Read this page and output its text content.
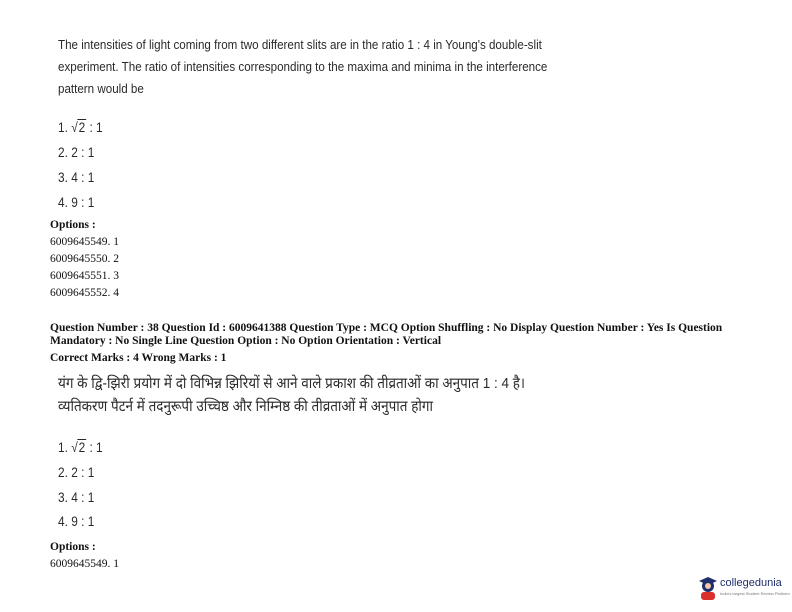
The intensities of light coming from two different slits are in the ratio 1 : 4 in Young's double-slit experiment. The ratio of intensities corresponding to the maxima and minima in the interference pattern would be
1. √2 : 1
2. 2 : 1
3. 4 : 1
4. 9 : 1
Options :
6009645549. 1
6009645550. 2
6009645551. 3
6009645552. 4
Question Number : 38 Question Id : 6009641388 Question Type : MCQ Option Shuffling : No Display Question Number : Yes Is Question Mandatory : No Single Line Question Option : No Option Orientation : Vertical
Correct Marks : 4 Wrong Marks : 1
यंग के द्वि-झिरी प्रयोग में दो विभिन्न झिरियों से आने वाले प्रकाश की तीव्रताओं का अनुपात 1 : 4 है। व्यतिकरण पैटर्न में तदनुरूपी उच्चिष्ठ और निम्निष्ठ की तीव्रताओं में अनुपात होगा
1. √2 : 1
2. 2 : 1
3. 4 : 1
4. 9 : 1
Options :
6009645549. 1
collegedunia
India's largest Student Review Platform
